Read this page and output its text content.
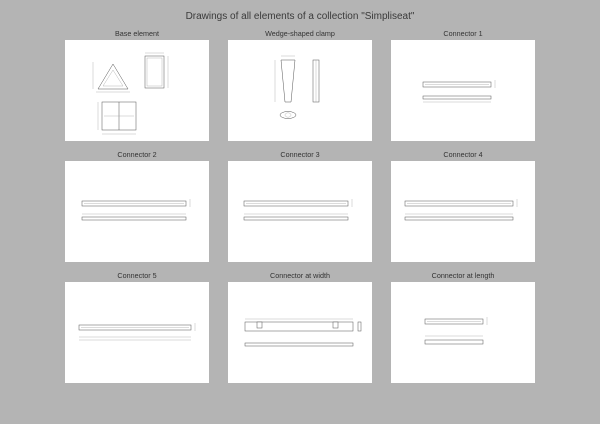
Drawings of all elements of a collection "Simpliseat"
Base element	Wedge-shaped clamp	Connector 1
Connector 2	Connector 3	Connector 4
Connector 5	Connector at width	Connector at length
